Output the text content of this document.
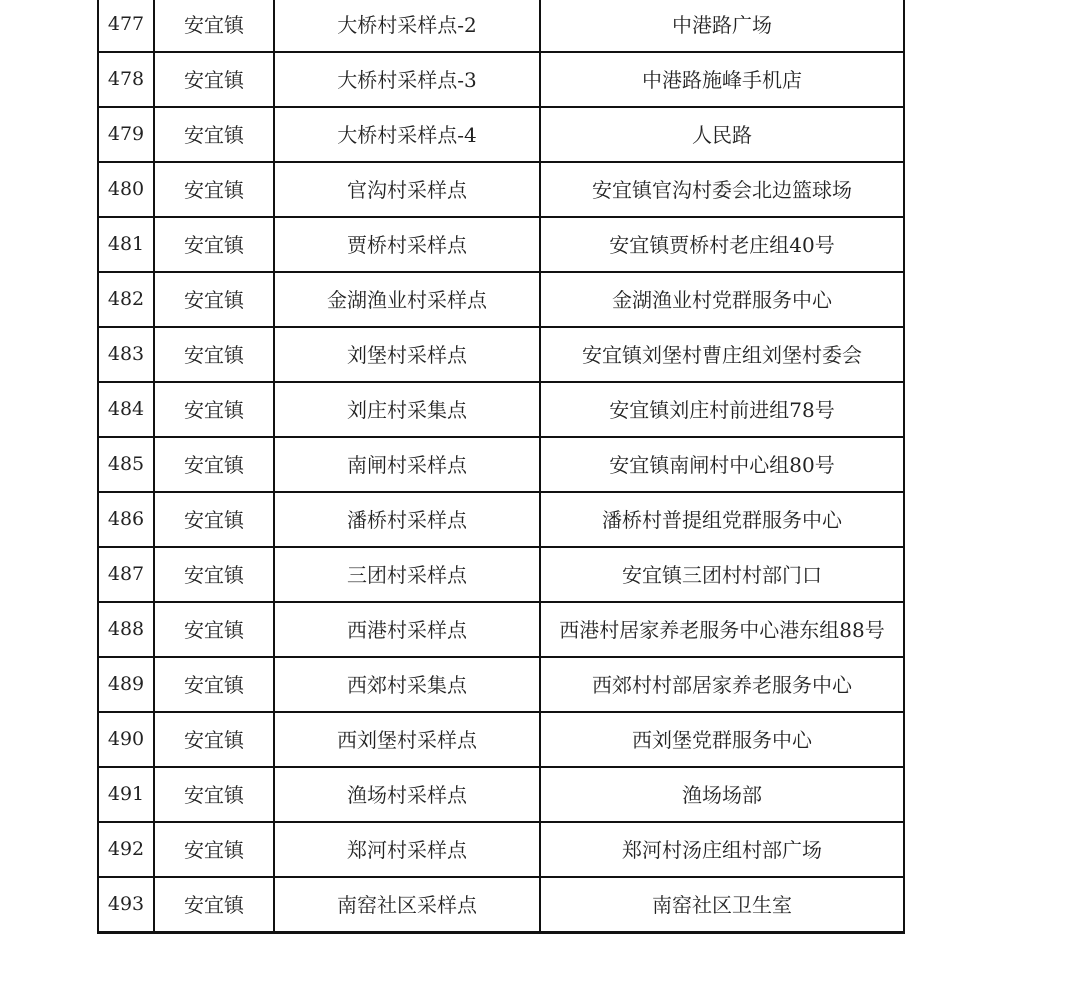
477	安宜镇	大桥村采样点-2	中港路广场
478	安宜镇	大桥村采样点-3	中港路施峰手机店
479	安宜镇	大桥村采样点-4	人民路
480	安宜镇	官沟村采样点	安宜镇官沟村委会北边篮球场
481	安宜镇	贾桥村采样点	安宜镇贾桥村老庄组40号
482	安宜镇	金湖渔业村采样点	金湖渔业村党群服务中心
483	安宜镇	刘堡村采样点	安宜镇刘堡村曹庄组刘堡村委会
484	安宜镇	刘庄村采集点	安宜镇刘庄村前进组78号
485	安宜镇	南闸村采样点	安宜镇南闸村中心组80号
486	安宜镇	潘桥村采样点	潘桥村普提组党群服务中心
487	安宜镇	三团村采样点	安宜镇三团村村部门口
488	安宜镇	西港村采样点	西港村居家养老服务中心港东组88号
489	安宜镇	西郊村采集点	西郊村村部居家养老服务中心
490	安宜镇	西刘堡村采样点	西刘堡党群服务中心
491	安宜镇	渔场村采样点	渔场场部
492	安宜镇	郑河村采样点	郑河村汤庄组村部广场
493	安宜镇	南窑社区采样点	南窑社区卫生室
